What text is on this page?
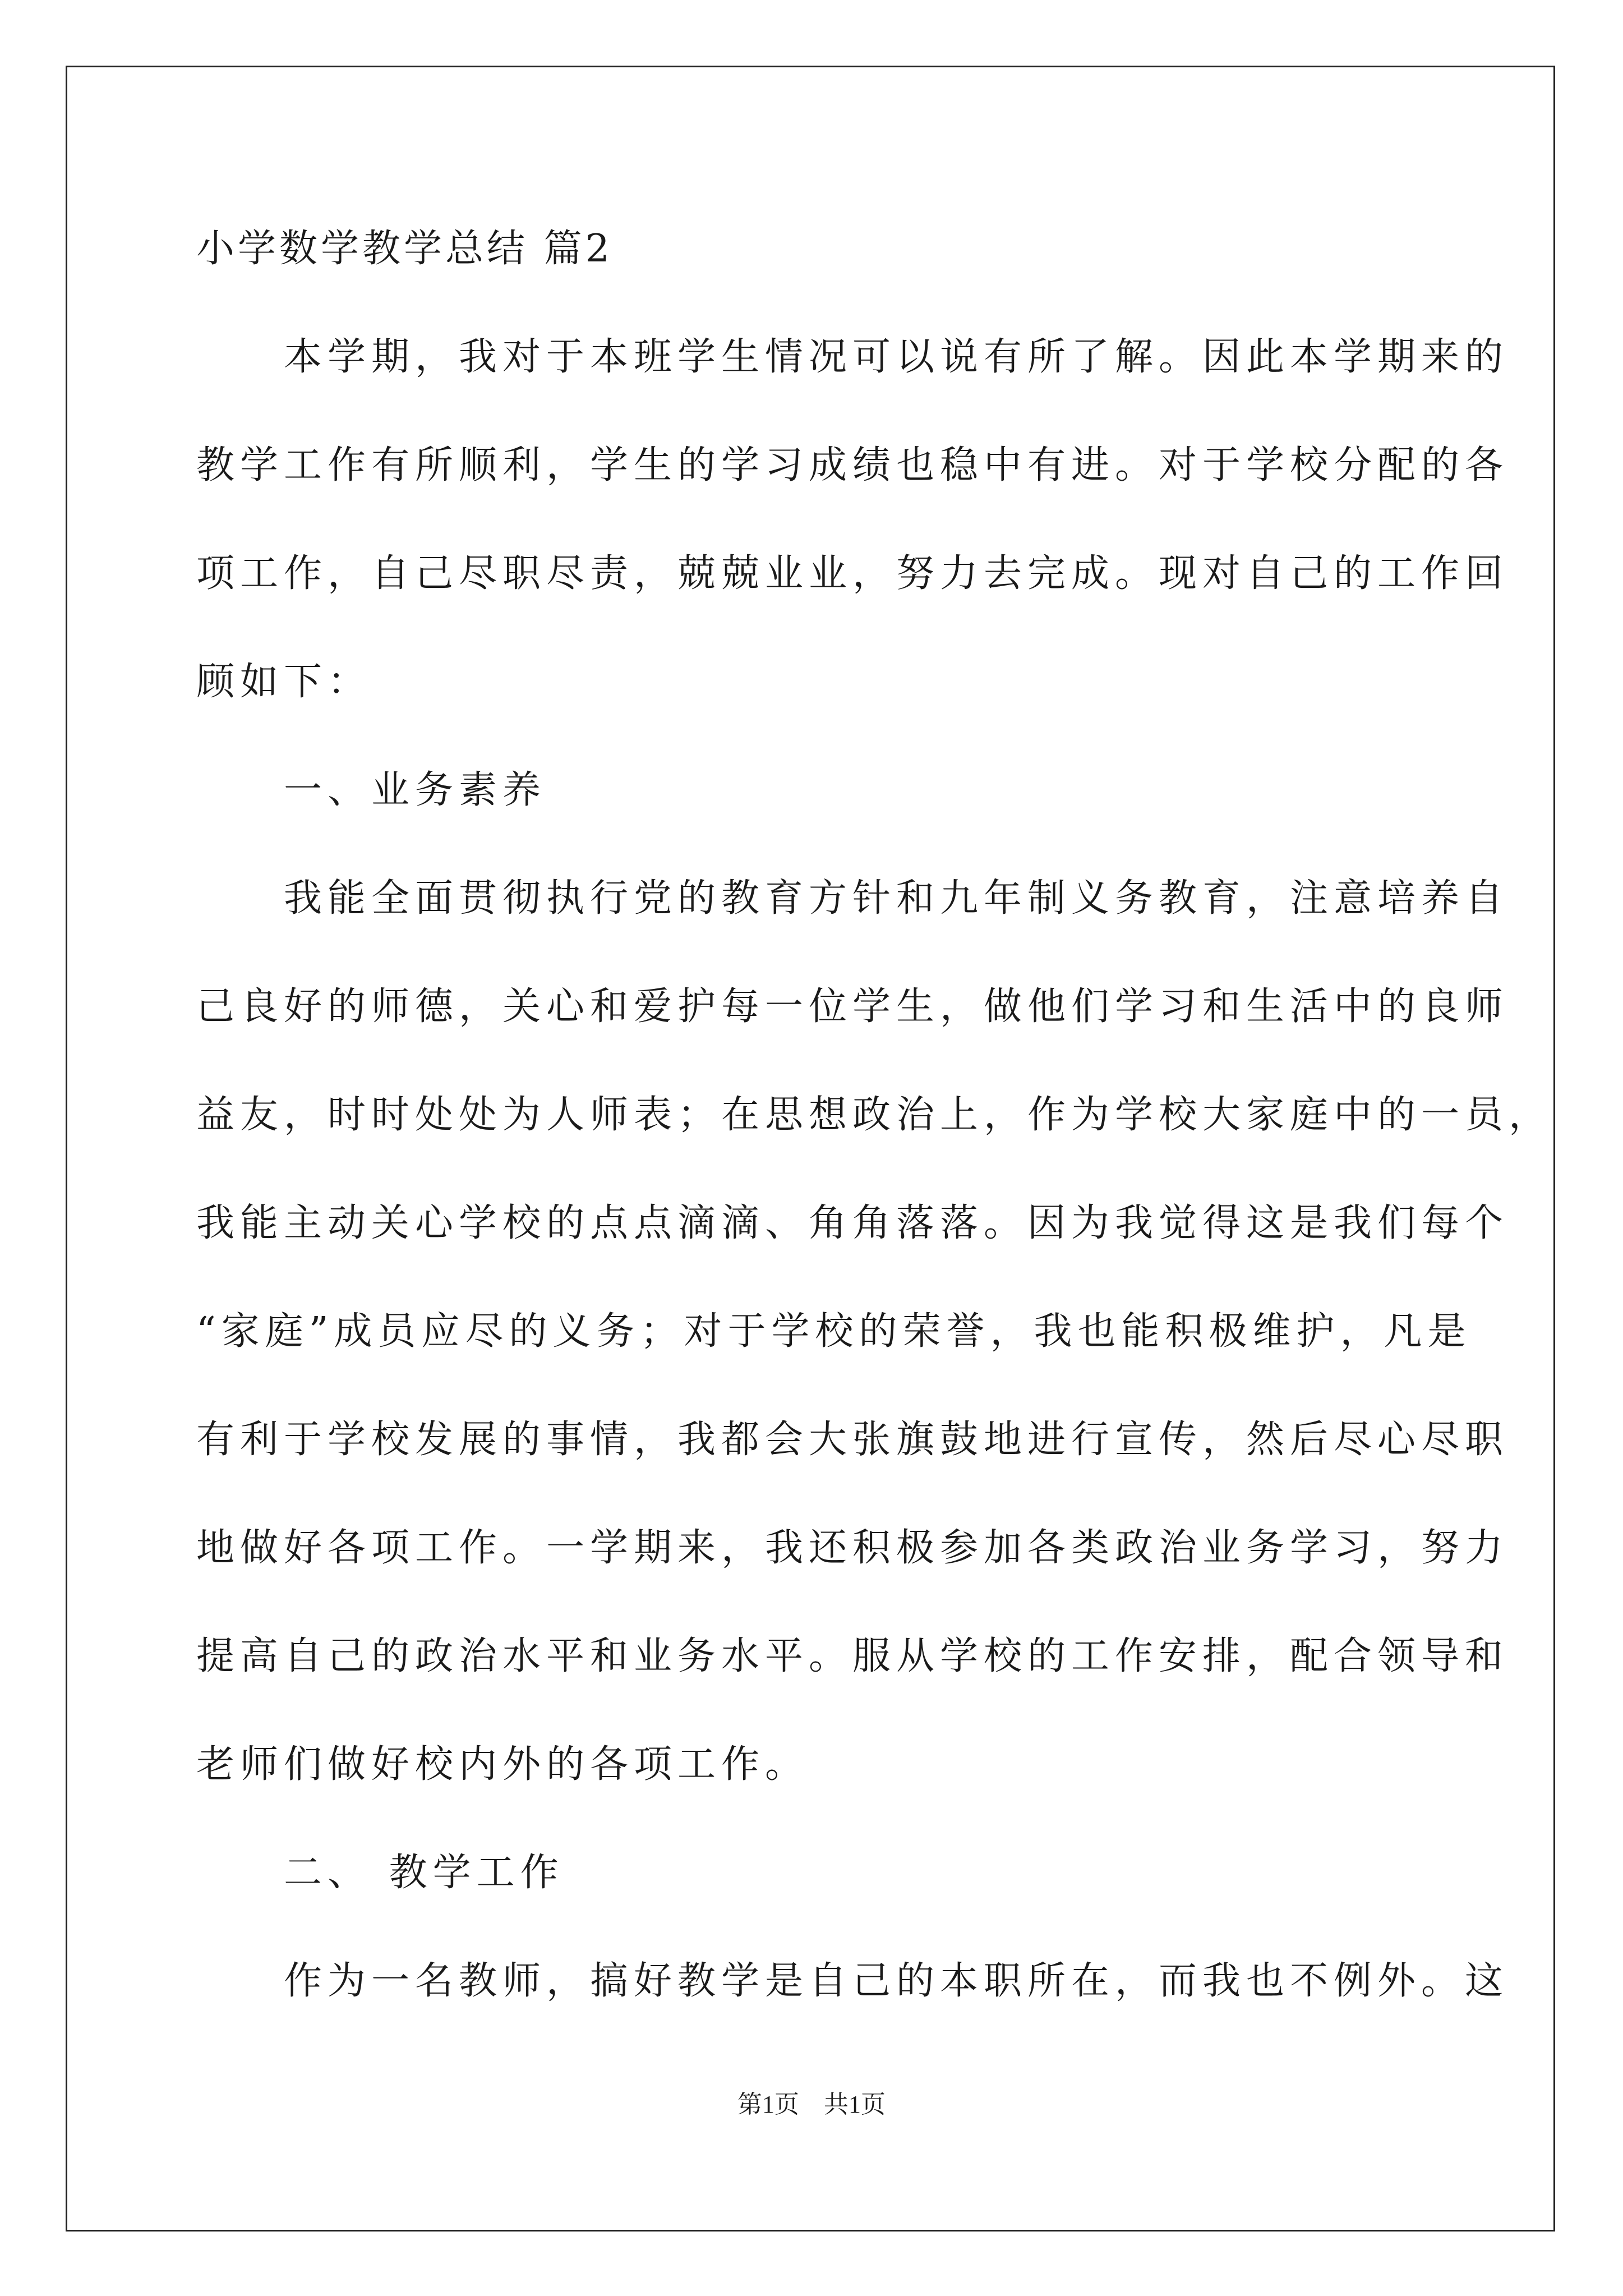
小学数学教学总结 篇2
　　本学期，我对于本班学生情况可以说有所了解。因此本学期来的
教学工作有所顺利，学生的学习成绩也稳中有进。对于学校分配的各
项工作，自己尽职尽责，兢兢业业，努力去完成。现对自己的工作回
顾如下：
　　一、业务素养
　　我能全面贯彻执行党的教育方针和九年制义务教育，注意培养自
己良好的师德，关心和爱护每一位学生，做他们学习和生活中的良师
益友，时时处处为人师表；在思想政治上，作为学校大家庭中的一员，
我能主动关心学校的点点滴滴、角角落落。因为我觉得这是我们每个
“家庭”成员应尽的义务；对于学校的荣誉，我也能积极维护，凡是
有利于学校发展的事情，我都会大张旗鼓地进行宣传，然后尽心尽职
地做好各项工作。一学期来，我还积极参加各类政治业务学习，努力
提高自己的政治水平和业务水平。服从学校的工作安排，配合领导和
老师们做好校内外的各项工作。
　　二、 教学工作
　　作为一名教师，搞好教学是自己的本职所在，而我也不例外。这
第1页　共1页
